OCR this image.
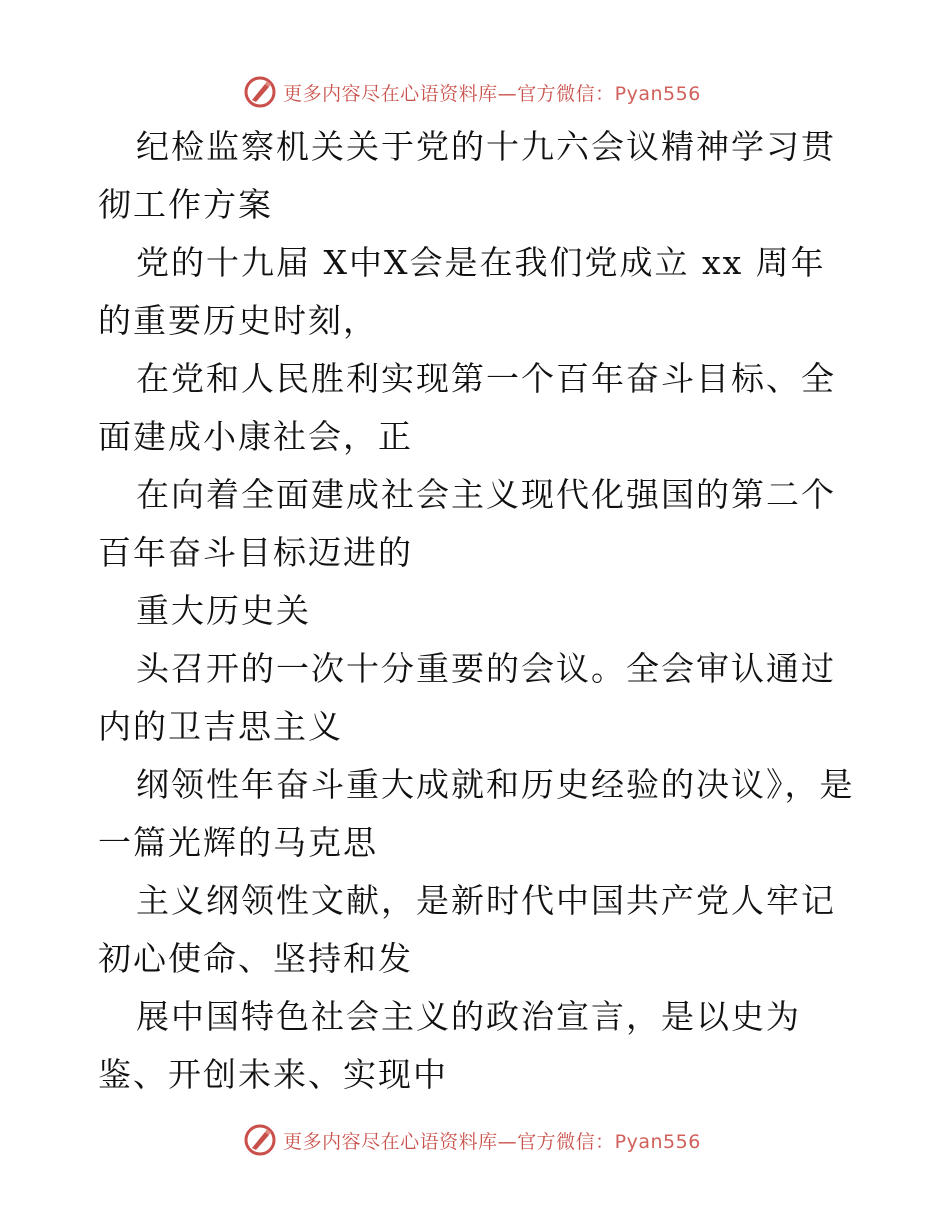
更多内容尽在心语资料库—官方微信：Pyan556

纪检监察机关关于党的十九六会议精神学习贯彻工作方案

党的十九届 X中X会是在我们党成立 xx 周年的重要历史时刻，

在党和人民胜利实现第一个百年奋斗目标、全面建成小康社会，正

在向着全面建成社会主义现代化强国的第二个百年奋斗目标迈进的

重大历史关

头召开的一次十分重要的会议。全会审认通过内的卫吉思主义

纲领性年奋斗重大成就和历史经验的决议》，是一篇光辉的马克思

主义纲领性文献，是新时代中国共产党人牢记初心使命、坚持和发

展中国特色社会主义的政治宣言，是以史为鉴、开创未来、实现中

更多内容尽在心语资料库—官方微信：Pyan556
